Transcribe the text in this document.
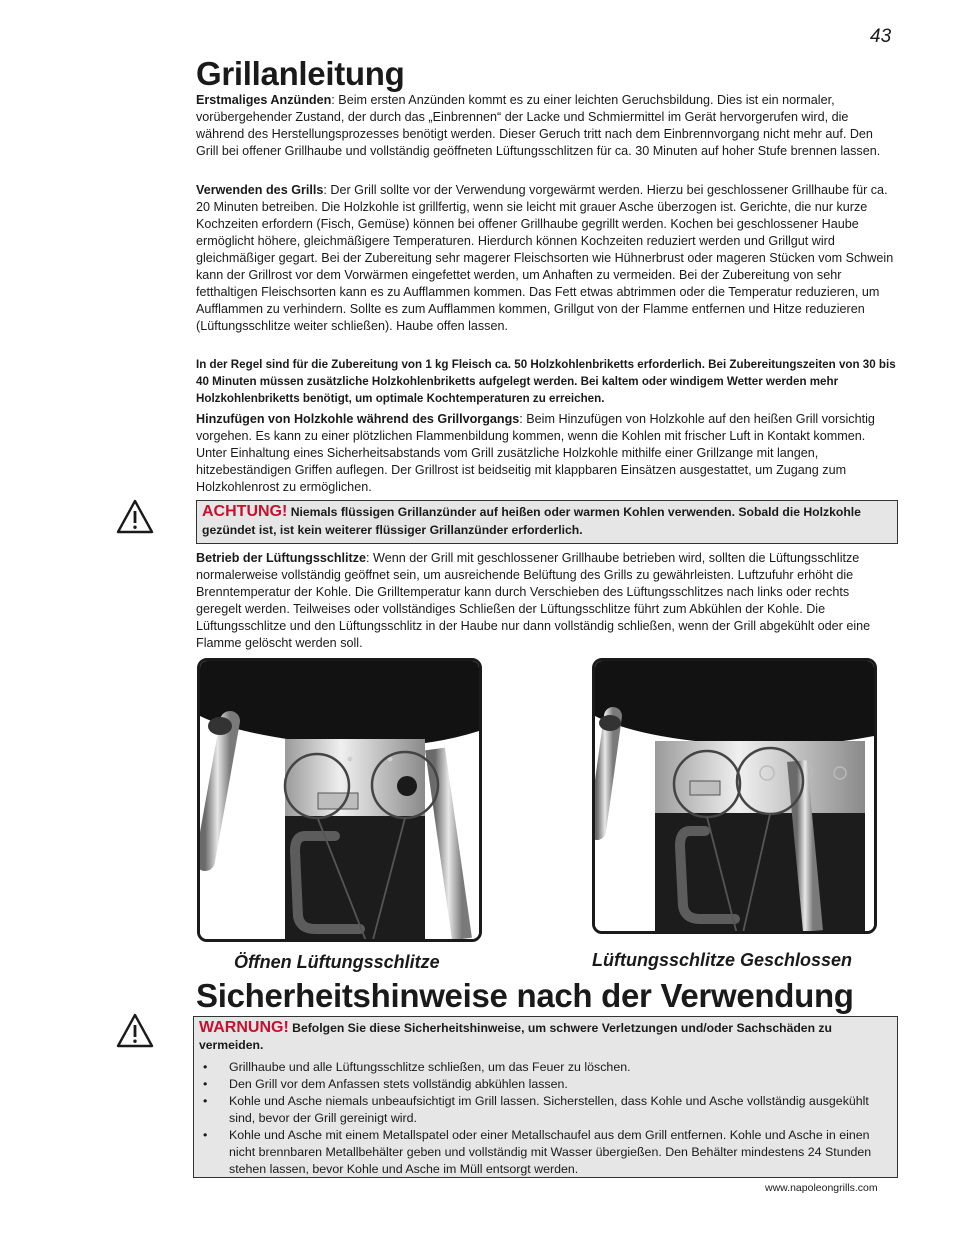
43
Grillanleitung

Erstmaliges Anzünden: Beim ersten Anzünden kommt es zu einer leichten Geruchsbildung. Dies ist ein normaler, vorübergehender Zustand, der durch das „Einbrennen“ der Lacke und Schmiermittel im Gerät hervorgerufen wird, die während des Herstellungsprozesses benötigt werden. Dieser Geruch tritt nach dem Einbrennvorgang nicht mehr auf. Den Grill bei offener Grillhaube und vollständig geöffneten Lüftungsschlitzen für ca. 30 Minuten auf hoher Stufe brennen lassen.

Verwenden des Grills: Der Grill sollte vor der Verwendung vorgewärmt werden. Hierzu bei geschlossener Grillhaube für ca. 20 Minuten betreiben. Die Holzkohle ist grillfertig, wenn sie leicht mit grauer Asche überzogen ist. Gerichte, die nur kurze Kochzeiten erfordern (Fisch, Gemüse) können bei offener Grillhaube gegrillt werden. Kochen bei geschlossener Haube ermöglicht höhere, gleichmäßigere Temperaturen. Hierdurch können Kochzeiten reduziert werden und Grillgut wird gleichmäßiger gegart. Bei der Zubereitung sehr magerer Fleischsorten wie Hühnerbrust oder mageren Stücken vom Schwein kann der Grillrost vor dem Vorwärmen eingefettet werden, um Anhaften zu vermeiden. Bei der Zubereitung von sehr fetthaltigen Fleischsorten kann es zu Aufflammen kommen. Das Fett etwas abtrimmen oder die Temperatur reduzieren, um Aufflammen zu verhindern. Sollte es zum Aufflammen kommen, Grillgut von der Flamme entfernen und Hitze reduzieren (Lüftungsschlitze weiter schließen). Haube offen lassen.

In der Regel sind für die Zubereitung von 1 kg Fleisch ca. 50 Holzkohlenbriketts erforderlich. Bei Zubereitungszeiten von 30 bis 40 Minuten müssen zusätzliche Holzkohlenbriketts aufgelegt werden. Bei kaltem oder windigem Wetter werden mehr Holzkohlenbriketts benötigt, um optimale Kochtemperaturen zu erreichen.

Hinzufügen von Holzkohle während des Grillvorgangs: Beim Hinzufügen von Holzkohle auf den heißen Grill vorsichtig vorgehen. Es kann zu einer plötzlichen Flammenbildung kommen, wenn die Kohlen mit frischer Luft in Kontakt kommen. Unter Einhaltung eines Sicherheitsabstands vom Grill zusätzliche Holzkohle mithilfe einer Grillzange mit langen, hitzebeständigen Griffen auflegen. Der Grillrost ist beidseitig mit klappbaren Einsätzen ausgestattet, um Zugang zum Holzkohlenrost zu ermöglichen.

ACHTUNG! Niemals flüssigen Grillanzünder auf heißen oder warmen Kohlen verwenden. Sobald die Holzkohle gezündet ist, ist kein weiterer flüssiger Grillanzünder erforderlich.

Betrieb der Lüftungsschlitze: Wenn der Grill mit geschlossener Grillhaube betrieben wird, sollten die Lüftungsschlitze normalerweise vollständig geöffnet sein, um ausreichende Belüftung des Grills zu gewährleisten. Luftzufuhr erhöht die Brenntemperatur der Kohle. Die Grilltemperatur kann durch Verschieben des Lüftungsschlitzes nach links oder rechts geregelt werden. Teilweises oder vollständiges Schließen der Lüftungsschlitze führt zum Abkühlen der Kohle. Die Lüftungsschlitze und den Lüftungsschlitz in der Haube nur dann vollständig schließen, wenn der Grill abgekühlt oder eine Flamme gelöscht werden soll.

Öffnen Lüftungsschlitze	Lüftungsschlitze Geschlossen
Sicherheitshinweise nach der Verwendung
WARNUNG! Befolgen Sie diese Sicherheitshinweise, um schwere Verletzungen und/oder Sachschäden zu vermeiden.
• Grillhaube und alle Lüftungsschlitze schließen, um das Feuer zu löschen.
• Den Grill vor dem Anfassen stets vollständig abkühlen lassen.
• Kohle und Asche niemals unbeaufsichtigt im Grill lassen. Sicherstellen, dass Kohle und Asche vollständig ausgekühlt sind, bevor der Grill gereinigt wird.
• Kohle und Asche mit einem Metallspatel oder einer Metallschaufel aus dem Grill entfernen. Kohle und Asche in einen nicht brennbaren Metallbehälter geben und vollständig mit Wasser übergießen. Den Behälter mindestens 24 Stunden stehen lassen, bevor Kohle und Asche im Müll entsorgt werden.
www.napoleongrills.com
